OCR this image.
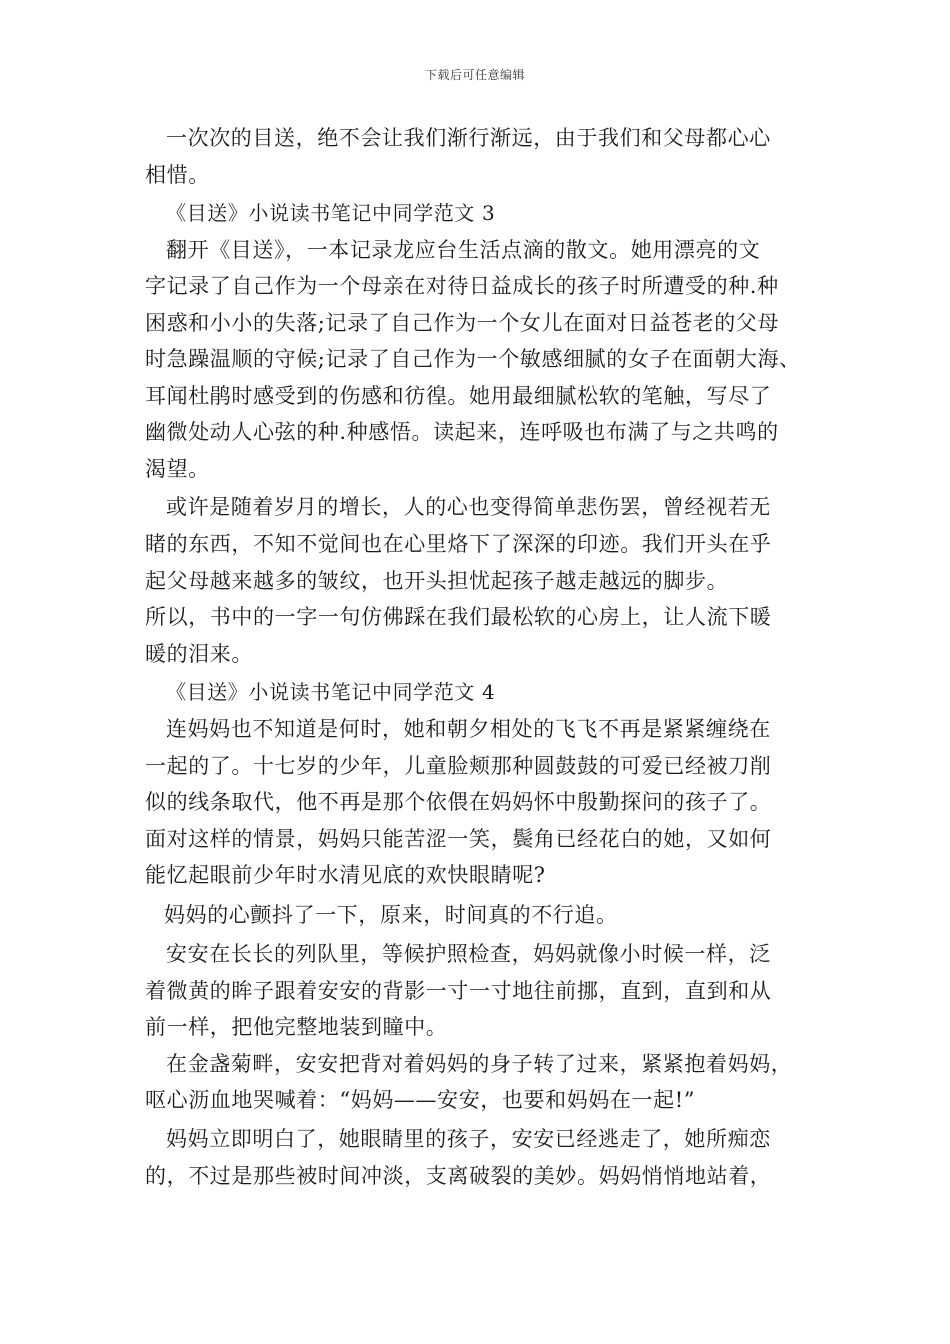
下载后可任意编辑
一次次的目送，绝不会让我们渐行渐远，由于我们和父母都心心
相惜。
《目送》小说读书笔记中同学范文 3
翻开《目送》，一本记录龙应台生活点滴的散文。她用漂亮的文
字记录了自己作为一个母亲在对待日益成长的孩子时所遭受的种.种
困惑和小小的失落;记录了自己作为一个女儿在面对日益苍老的父母
时急躁温顺的守候;记录了自己作为一个敏感细腻的女子在面朝大海、
耳闻杜鹃时感受到的伤感和彷徨。她用最细腻松软的笔触，写尽了
幽微处动人心弦的种.种感悟。读起来，连呼吸也布满了与之共鸣的
渴望。
或许是随着岁月的增长，人的心也变得简单悲伤罢，曾经视若无
睹的东西，不知不觉间也在心里烙下了深深的印迹。我们开头在乎
起父母越来越多的皱纹，也开头担忧起孩子越走越远的脚步。
所以，书中的一字一句仿佛踩在我们最松软的心房上，让人流下暖
暖的泪来。
《目送》小说读书笔记中同学范文 4
连妈妈也不知道是何时，她和朝夕相处的飞飞不再是紧紧缠绕在
一起的了。十七岁的少年，儿童脸颊那种圆鼓鼓的可爱已经被刀削
似的线条取代，他不再是那个依偎在妈妈怀中殷勤探问的孩子了。
面对这样的情景，妈妈只能苦涩一笑，鬓角已经花白的她，又如何
能忆起眼前少年时水清见底的欢快眼睛呢?
妈妈的心颤抖了一下，原来，时间真的不行追。
安安在长长的列队里，等候护照检查，妈妈就像小时候一样，泛
着微黄的眸子跟着安安的背影一寸一寸地往前挪，直到，直到和从
前一样，把他完整地装到瞳中。
在金盏菊畔，安安把背对着妈妈的身子转了过来，紧紧抱着妈妈，
呕心沥血地哭喊着：“妈妈——安安，也要和妈妈在一起!”
妈妈立即明白了，她眼睛里的孩子，安安已经逃走了，她所痴恋
的，不过是那些被时间冲淡，支离破裂的美妙。妈妈悄悄地站着，
